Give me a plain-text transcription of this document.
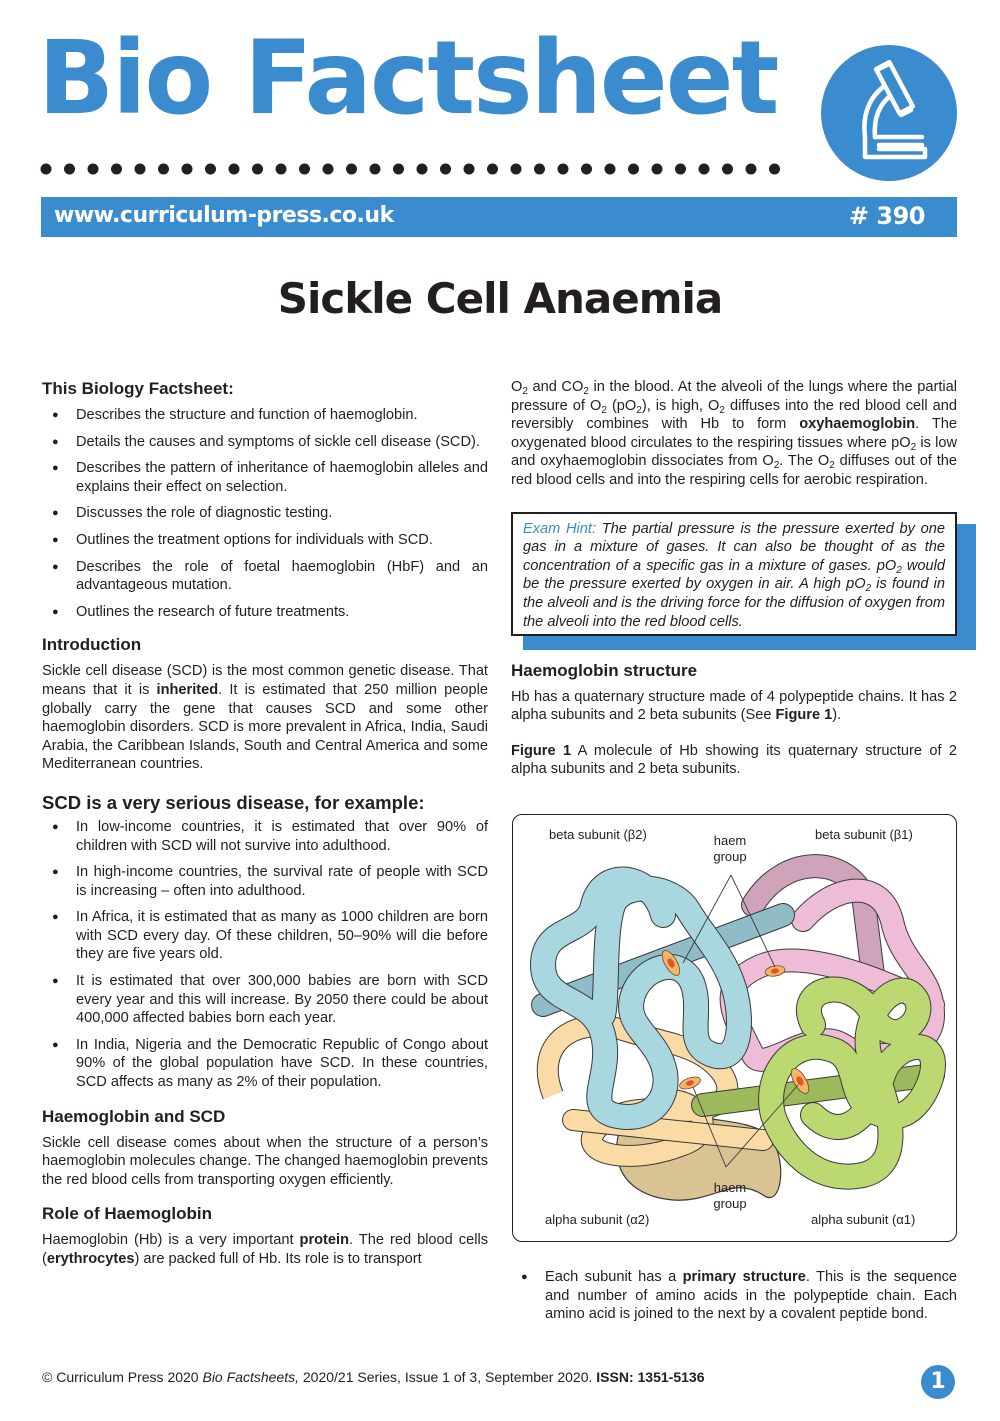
Bio Factsheet
www.curriculum-press.co.uk	# 390
Sickle Cell Anaemia
This Biology Factsheet:
● Describes the structure and function of haemoglobin.
● Details the causes and symptoms of sickle cell disease (SCD).
● Describes the pattern of inheritance of haemoglobin alleles and explains their effect on selection.
● Discusses the role of diagnostic testing.
● Outlines the treatment options for individuals with SCD.
● Describes the role of foetal haemoglobin (HbF) and an advantageous mutation.
● Outlines the research of future treatments.
Introduction

Sickle cell disease (SCD) is the most common genetic disease. That means that it is inherited. It is estimated that 250 million people globally carry the gene that causes SCD and some other haemoglobin disorders. SCD is more prevalent in Africa, India, Saudi Arabia, the Caribbean Islands, South and Central America and some Mediterranean countries.

SCD is a very serious disease, for example:
● In low-income countries, it is estimated that over 90% of children with SCD will not survive into adulthood.
● In high-income countries, the survival rate of people with SCD is increasing – often into adulthood.
● In Africa, it is estimated that as many as 1000 children are born with SCD every day. Of these children, 50–90% will die before they are five years old.
● It is estimated that over 300,000 babies are born with SCD every year and this will increase. By 2050 there could be about 400,000 affected babies born each year.
● In India, Nigeria and the Democratic Republic of Congo about 90% of the global population have SCD. In these countries, SCD affects as many as 2% of their population.
Haemoglobin and SCD

Sickle cell disease comes about when the structure of a person’s haemoglobin molecules change. The changed haemoglobin prevents the red blood cells from transporting oxygen efficiently.

Role of Haemoglobin

Haemoglobin (Hb) is a very important protein. The red blood cells (erythrocytes) are packed full of Hb. Its role is to transport

$O_2$ and $CO_2$ in the blood. At the alveoli of the lungs where the partial pressure of $O_2$ $(pO_2)$, is high, $O_2$ diffuses into the red blood cell and reversibly combines with Hb to form oxyhaemoglobin. The oxygenated blood circulates to the respiring tissues where $pO_2$ is low and oxyhaemoglobin dissociates from $O_2$. The $O_2$ diffuses out of the red blood cells and into the respiring cells for aerobic respiration.

Exam Hint: The partial pressure is the pressure exerted by one gas in a mixture of gases. It can also be thought of as the concentration of a specific gas in a mixture of gases. $pO_2$ would be the pressure exerted by oxygen in air. A high $pO_2$ is found in the alveoli and is the driving force for the diffusion of oxygen from the alveoli into the red blood cells.
Haemoglobin structure

Hb has a quaternary structure made of 4 polypeptide chains. It has 2 alpha subunits and 2 beta subunits (See Figure 1).

Figure 1 A molecule of Hb showing its quaternary structure of 2 alpha subunits and 2 beta subunits.

beta subunit (β2)	beta subunit (β1)
haem
group
haem
group
alpha subunit (α2)	alpha subunit (α1)
● Each subunit has a primary structure. This is the sequence and number of amino acids in the polypeptide chain. Each amino acid is joined to the next by a covalent peptide bond.
© Curriculum Press 2020 Bio Factsheets, 2020/21 Series, Issue 1 of 3, September 2020. ISSN: 1351-5136	1
